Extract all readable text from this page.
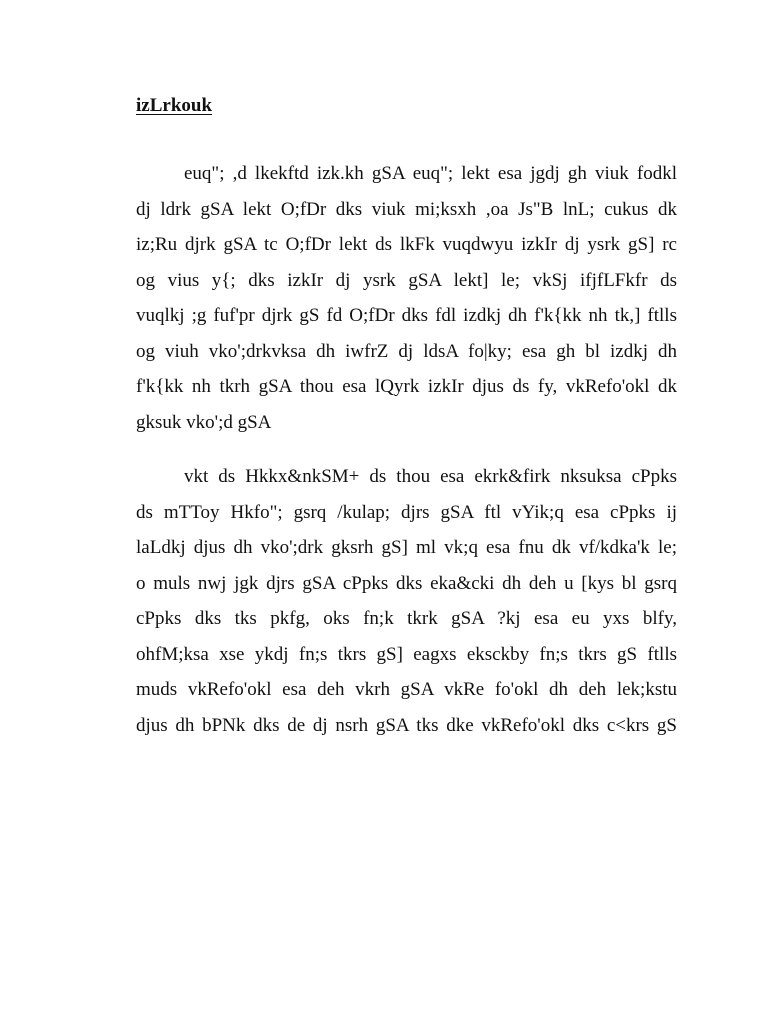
izLrkouk

euq"; ,d lkekftd izk.kh gSA euq"; lekt esa jgdj gh viuk fodkl
dj ldrk gSA lekt O;fDr dks viuk mi;ksxh ,oa Js"B lnL; cukus dk
iz;Ru djrk gSA tc O;fDr lekt ds lkFk vuqdwyu izkIr dj ysrk gS] rc
og vius y{; dks izkIr dj ysrk gSA lekt] le; vkSj ifjfLFkfr ds
vuqlkj ;g fuf'pr djrk gS fd O;fDr dks fdl izdkj dh f'k{kk nh tk,] ftlls
og viuh vko';drkvksa dh iwfrZ dj ldsA fo|ky; esa gh bl izdkj dh
f'k{kk nh tkrh gSA thou esa lQyrk izkIr djus ds fy, vkRefo'okl dk
gksuk vko';d gSA

vkt ds Hkkx&nkSM+ ds thou esa ekrk&firk nksuksa cPpks
ds mTToy Hkfo"; gsrq /kulap; djrs gSA ftl vYik;q esa cPpks ij
laLdkj djus dh vko';drk gksrh gS] ml vk;q esa fnu dk vf/kdka'k le;
o muls nwj jgk djrs gSA cPpks dks eka&cki dh deh u [kys bl gsrq
cPpks dks tks pkfg, oks fn;k tkrk gSA ?kj esa eu yxs blfy,
ohfM;ksa xse ykdj fn;s tkrs gS] eagxs eksckby fn;s tkrs gS ftlls
muds vkRefo'okl esa deh vkrh gSA vkRe fo'okl dh deh lek;kstu
djus dh bPNk dks de dj nsrh gSA tks dke vkRefo'okl dks c<krs gS
